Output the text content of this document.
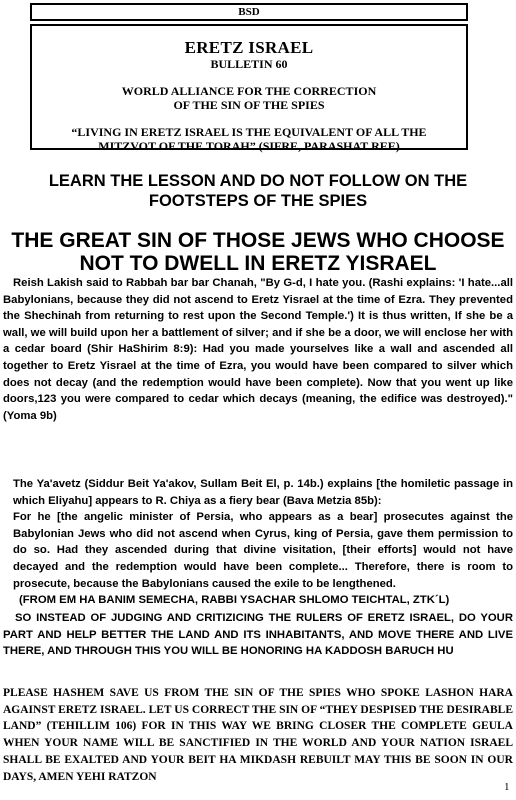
BSD
ERETZ ISRAEL
BULLETIN 60
WORLD ALLIANCE FOR THE CORRECTION
OF THE SIN OF THE SPIES
“LIVING IN ERETZ ISRAEL IS THE EQUIVALENT OF ALL THE
MITZVOT OF THE TORAH” (SIFRE, PARASHAT REE)
LEARN THE LESSON AND DO NOT FOLLOW ON THE FOOTSTEPS OF THE SPIES
THE GREAT SIN OF THOSE JEWS WHO CHOOSE NOT TO DWELL IN ERETZ YISRAEL

Reish Lakish said to Rabbah bar bar Chanah, "By G-d, I hate you. (Rashi explains: 'I hate...all Babylonians, because they did not ascend to Eretz Yisrael at the time of Ezra. They prevented the Shechinah from returning to rest upon the Second Temple.') It is thus written, If she be a wall, we will build upon her a battlement of silver; and if she be a door, we will enclose her with a cedar board (Shir HaShirim 8:9): Had you made yourselves like a wall and ascended all together to Eretz Yisrael at the time of Ezra, you would have been compared to silver which does not decay (and the redemption would have been complete). Now that you went up like doors,123 you were compared to cedar which decays (meaning, the edifice was destroyed)." (Yoma 9b)

The Ya'avetz (Siddur Beit Ya'akov, Sullam Beit El, p. 14b.) explains [the homiletic passage in which Eliyahu] appears to R. Chiya as a fiery bear (Bava Metzia 85b):

For he [the angelic minister of Persia, who appears as a bear] prosecutes against the Babylonian Jews who did not ascend when Cyrus, king of Persia, gave them permission to do so. Had they ascended during that divine visitation, [their efforts] would not have decayed and the redemption would have been complete... Therefore, there is room to prosecute, because the Babylonians caused the exile to be lengthened.

(FROM EM HA BANIM SEMECHA, RABBI YSACHAR SHLOMO TEICHTAL, ZTK´L)

SO INSTEAD OF JUDGING AND CRITIZICING THE RULERS OF ERETZ ISRAEL, DO YOUR PART AND HELP BETTER THE LAND AND ITS INHABITANTS, AND MOVE THERE AND LIVE THERE, AND THROUGH THIS YOU WILL BE HONORING HA KADDOSH BARUCH HU

PLEASE HASHEM SAVE US FROM THE SIN OF THE SPIES WHO SPOKE LASHON HARA AGAINST ERETZ ISRAEL. LET US CORRECT THE SIN OF “THEY DESPISED THE DESIRABLE LAND” (TEHILLIM 106) FOR IN THIS WAY WE BRING CLOSER THE COMPLETE GEULA WHEN YOUR NAME WILL BE SANCTIFIED IN THE WORLD AND YOUR NATION ISRAEL SHALL BE EXALTED AND YOUR BEIT HA MIKDASH REBUILT MAY THIS BE SOON IN OUR DAYS, AMEN YEHI RATZON

1
